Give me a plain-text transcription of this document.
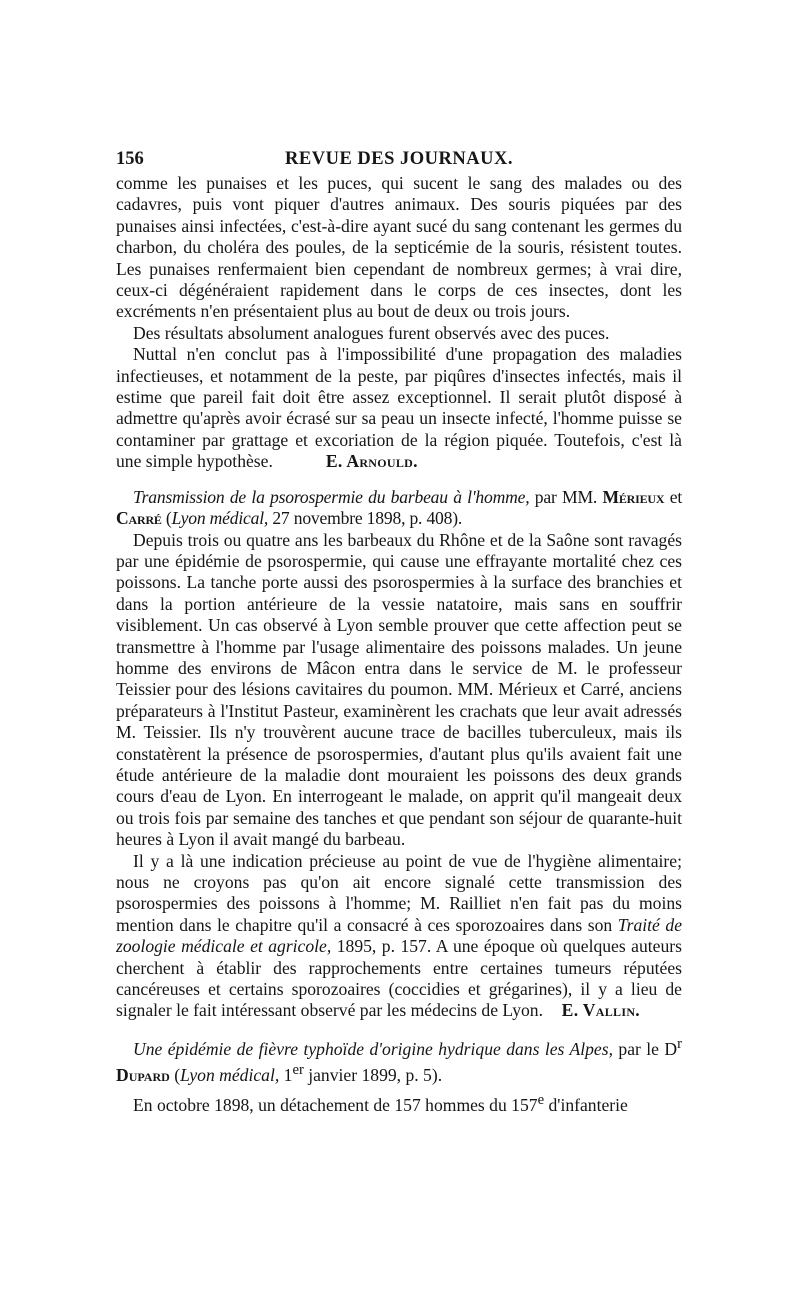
156	REVUE DES JOURNAUX.

comme les punaises et les puces, qui sucent le sang des malades ou des cadavres, puis vont piquer d'autres animaux. Des souris piquées par des punaises ainsi infectées, c'est-à-dire ayant sucé du sang contenant les germes du charbon, du choléra des poules, de la septicémie de la souris, résistent toutes. Les punaises renfermaient bien cependant de nombreux germes; à vrai dire, ceux-ci dégénéraient rapidement dans le corps de ces insectes, dont les excréments n'en présentaient plus au bout de deux ou trois jours.

Des résultats absolument analogues furent observés avec des puces.

Nuttal n'en conclut pas à l'impossibilité d'une propagation des maladies infectieuses, et notamment de la peste, par piqûres d'insectes infectés, mais il estime que pareil fait doit être assez exceptionnel. Il serait plutôt disposé à admettre qu'après avoir écrasé sur sa peau un insecte infecté, l'homme puisse se contaminer par grattage et excoriation de la région piquée. Toutefois, c'est là une simple hypothèse.	E. Arnould.

Transmission de la psorospermie du barbeau à l'homme, par MM. Mérieux et Carré (Lyon médical, 27 novembre 1898, p. 408).

Depuis trois ou quatre ans les barbeaux du Rhône et de la Saône sont ravagés par une épidémie de psorospermie, qui cause une effrayante mortalité chez ces poissons. La tanche porte aussi des psorospermies à la surface des branchies et dans la portion antérieure de la vessie natatoire, mais sans en souffrir visiblement. Un cas observé à Lyon semble prouver que cette affection peut se transmettre à l'homme par l'usage alimentaire des poissons malades. Un jeune homme des environs de Mâcon entra dans le service de M. le professeur Teissier pour des lésions cavitaires du poumon. MM. Mérieux et Carré, anciens préparateurs à l'Institut Pasteur, examinèrent les crachats que leur avait adressés M. Teissier. Ils n'y trouvèrent aucune trace de bacilles tuberculeux, mais ils constatèrent la présence de psorospermies, d'autant plus qu'ils avaient fait une étude antérieure de la maladie dont mouraient les poissons des deux grands cours d'eau de Lyon. En interrogeant le malade, on apprit qu'il mangeait deux ou trois fois par semaine des tanches et que pendant son séjour de quarante-huit heures à Lyon il avait mangé du barbeau.

Il y a là une indication précieuse au point de vue de l'hygiène alimentaire; nous ne croyons pas qu'on ait encore signalé cette transmission des psorospermies des poissons à l'homme; M. Railliet n'en fait pas du moins mention dans le chapitre qu'il a consacré à ces sporozoaires dans son Traité de zoologie médicale et agricole, 1895, p. 157. A une époque où quelques auteurs cherchent à établir des rapprochements entre certaines tumeurs réputées cancéreuses et certains sporozoaires (coccidies et grégarines), il y a lieu de signaler le fait intéressant observé par les médecins de Lyon.	E. Vallin.

Une épidémie de fièvre typhoïde d'origine hydrique dans les Alpes, par le $D^r$ Dupard (Lyon médical, 1er janvier 1899, p. 5).

En octobre 1898, un détachement de 157 hommes du 157e d'infanterie
